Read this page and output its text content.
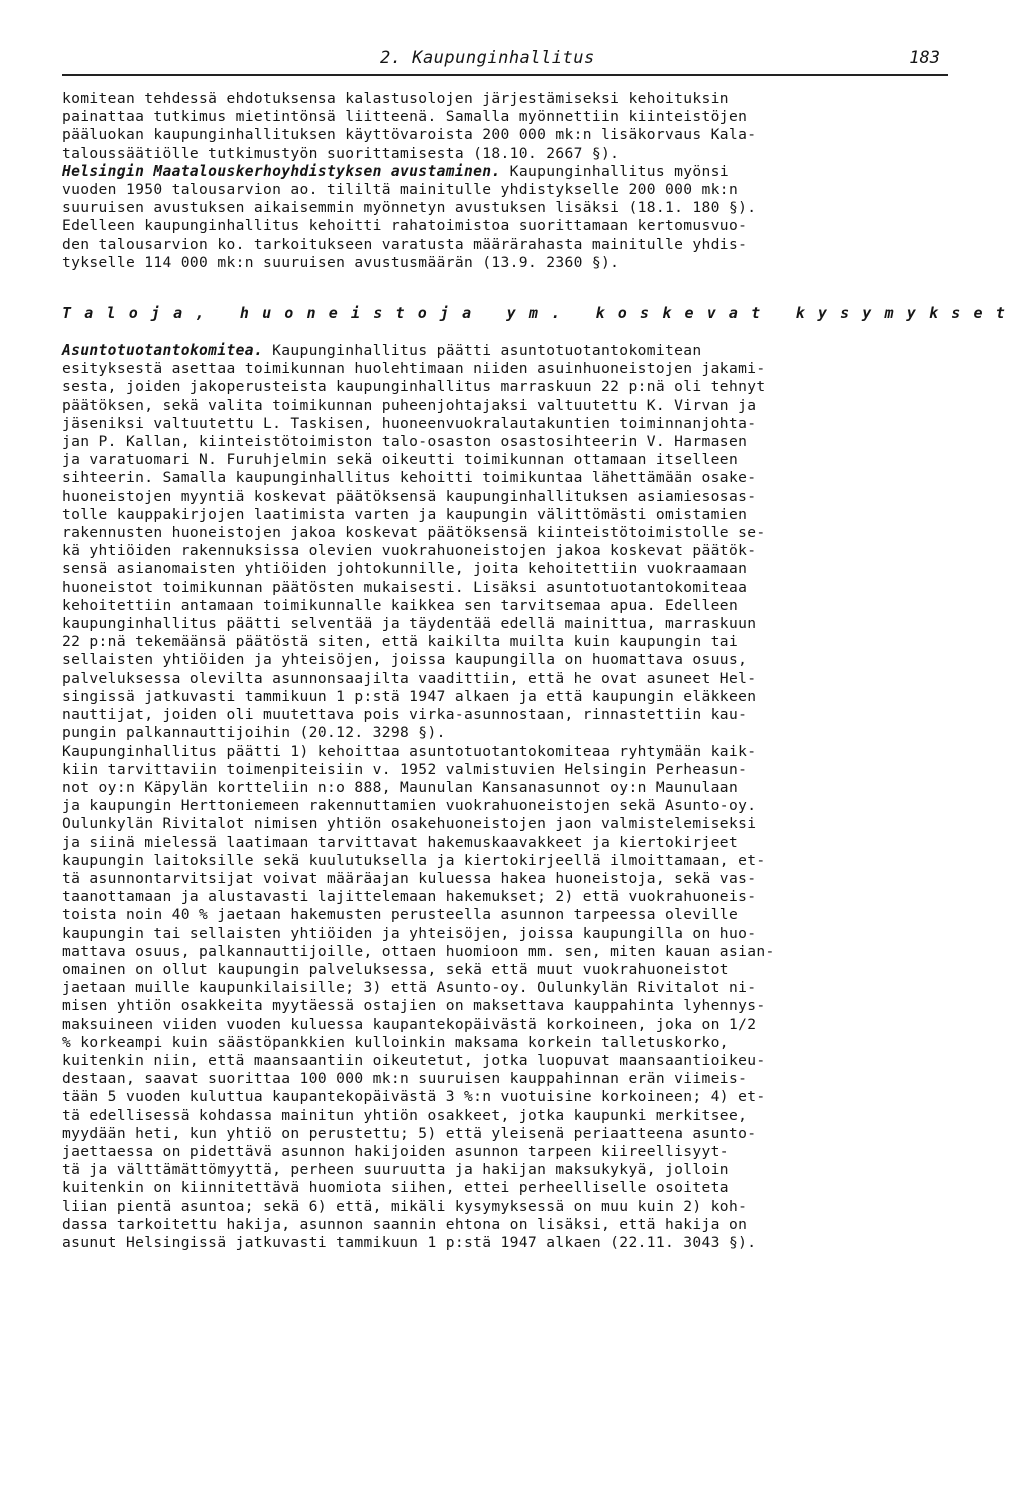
2. Kaupunginhallitus	183
komitean tehdessä ehdotuksensa kalastusolojen järjestämiseksi kehoituksin
painattaa tutkimus mietintönsä liitteenä. Samalla myönnettiin kiinteistöjen
pääluokan kaupunginhallituksen käyttövaroista 200 000 mk:n lisäkorvaus Kala-
taloussäätiölle tutkimustyön suorittamisesta (18.10. 2667 §).
Helsingin Maatalouskerhoyhdistyksen avustaminen. Kaupunginhallitus myönsi
vuoden 1950 talousarvion ao. tililtä mainitulle yhdistykselle 200 000 mk:n
suuruisen avustuksen aikaisemmin myönnetyn avustuksen lisäksi (18.1. 180 §).
Edelleen kaupunginhallitus kehoitti rahatoimistoa suorittamaan kertomusvuo-
den talousarvion ko. tarkoitukseen varatusta määrärahasta mainitulle yhdis-
tykselle 114 000 mk:n suuruisen avustusmäärän (13.9. 2360 §).
Taloja, huoneistoja ym. koskevat kysymykset
Asuntotuotantokomitea. Kaupunginhallitus päätti asuntotuotantokomitean
esityksestä asettaa toimikunnan huolehtimaan niiden asuinhuoneistojen jakami-
sesta, joiden jakoperusteista kaupunginhallitus marraskuun 22 p:nä oli tehnyt
päätöksen, sekä valita toimikunnan puheenjohtajaksi valtuutettu K. Virvan ja
jäseniksi valtuutettu L. Taskisen, huoneenvuokralautakuntien toiminnanjohta-
jan P. Kallan, kiinteistötoimiston talo-osaston osastosihteerin V. Harmasen
ja varatuomari N. Furuhjelmin sekä oikeutti toimikunnan ottamaan itselleen
sihteerin. Samalla kaupunginhallitus kehoitti toimikuntaa lähettämään osake-
huoneistojen myyntiä koskevat päätöksensä kaupunginhallituksen asiamiesosas-
tolle kauppakirjojen laatimista varten ja kaupungin välittömästi omistamien
rakennusten huoneistojen jakoa koskevat päätöksensä kiinteistötoimistolle se-
kä yhtiöiden rakennuksissa olevien vuokrahuoneistojen jakoa koskevat päätök-
sensä asianomaisten yhtiöiden johtokunnille, joita kehoitettiin vuokraamaan
huoneistot toimikunnan päätösten mukaisesti. Lisäksi asuntotuotantokomiteaa
kehoitettiin antamaan toimikunnalle kaikkea sen tarvitsemaa apua. Edelleen
kaupunginhallitus päätti selventää ja täydentää edellä mainittua, marraskuun
22 p:nä tekemäänsä päätöstä siten, että kaikilta muilta kuin kaupungin tai
sellaisten yhtiöiden ja yhteisöjen, joissa kaupungilla on huomattava osuus,
palveluksessa olevilta asunnonsaajilta vaadittiin, että he ovat asuneet Hel-
singissä jatkuvasti tammikuun 1 p:stä 1947 alkaen ja että kaupungin eläkkeen
nauttijat, joiden oli muutettava pois virka-asunnostaan, rinnastettiin kau-
pungin palkannauttijoihin (20.12. 3298 §).
Kaupunginhallitus päätti 1) kehoittaa asuntotuotantokomiteaa ryhtymään kaik-
kiin tarvittaviin toimenpiteisiin v. 1952 valmistuvien Helsingin Perheasun-
not oy:n Käpylän kortteliin n:o 888, Maunulan Kansanasunnot oy:n Maunulaan
ja kaupungin Herttoniemeen rakennuttamien vuokrahuoneistojen sekä Asunto-oy.
Oulunkylän Rivitalot nimisen yhtiön osakehuoneistojen jaon valmistelemiseksi
ja siinä mielessä laatimaan tarvittavat hakemuskaavakkeet ja kiertokirjeet
kaupungin laitoksille sekä kuulutuksella ja kiertokirjeellä ilmoittamaan, et-
tä asunnontarvitsijat voivat määräajan kuluessa hakea huoneistoja, sekä vas-
taanottamaan ja alustavasti lajittelemaan hakemukset; 2) että vuokrahuoneis-
toista noin 40 % jaetaan hakemusten perusteella asunnon tarpeessa oleville
kaupungin tai sellaisten yhtiöiden ja yhteisöjen, joissa kaupungilla on huo-
mattava osuus, palkannauttijoille, ottaen huomioon mm. sen, miten kauan asian-
omainen on ollut kaupungin palveluksessa, sekä että muut vuokrahuoneistot
jaetaan muille kaupunkilaisille; 3) että Asunto-oy. Oulunkylän Rivitalot ni-
misen yhtiön osakkeita myytäessä ostajien on maksettava kauppahinta lyhennys-
maksuineen viiden vuoden kuluessa kaupantekopäivästä korkoineen, joka on 1/2
% korkeampi kuin säästöpankkien kulloinkin maksama korkein talletuskorko,
kuitenkin niin, että maansaantiin oikeutetut, jotka luopuvat maansaantioikeu-
destaan, saavat suorittaa 100 000 mk:n suuruisen kauppahinnan erän viimeis-
tään 5 vuoden kuluttua kaupantekopäivästä 3 %:n vuotuisine korkoineen; 4) et-
tä edellisessä kohdassa mainitun yhtiön osakkeet, jotka kaupunki merkitsee,
myydään heti, kun yhtiö on perustettu; 5) että yleisenä periaatteena asunto-
jaettaessa on pidettävä asunnon hakijoiden asunnon tarpeen kiireellisyyt-
tä ja välttämättömyyttä, perheen suuruutta ja hakijan maksukykyä, jolloin
kuitenkin on kiinnitettävä huomiota siihen, ettei perheelliselle osoiteta
liian pientä asuntoa; sekä 6) että, mikäli kysymyksessä on muu kuin 2) koh-
dassa tarkoitettu hakija, asunnon saannin ehtona on lisäksi, että hakija on
asunut Helsingissä jatkuvasti tammikuun 1 p:stä 1947 alkaen (22.11. 3043 §).
